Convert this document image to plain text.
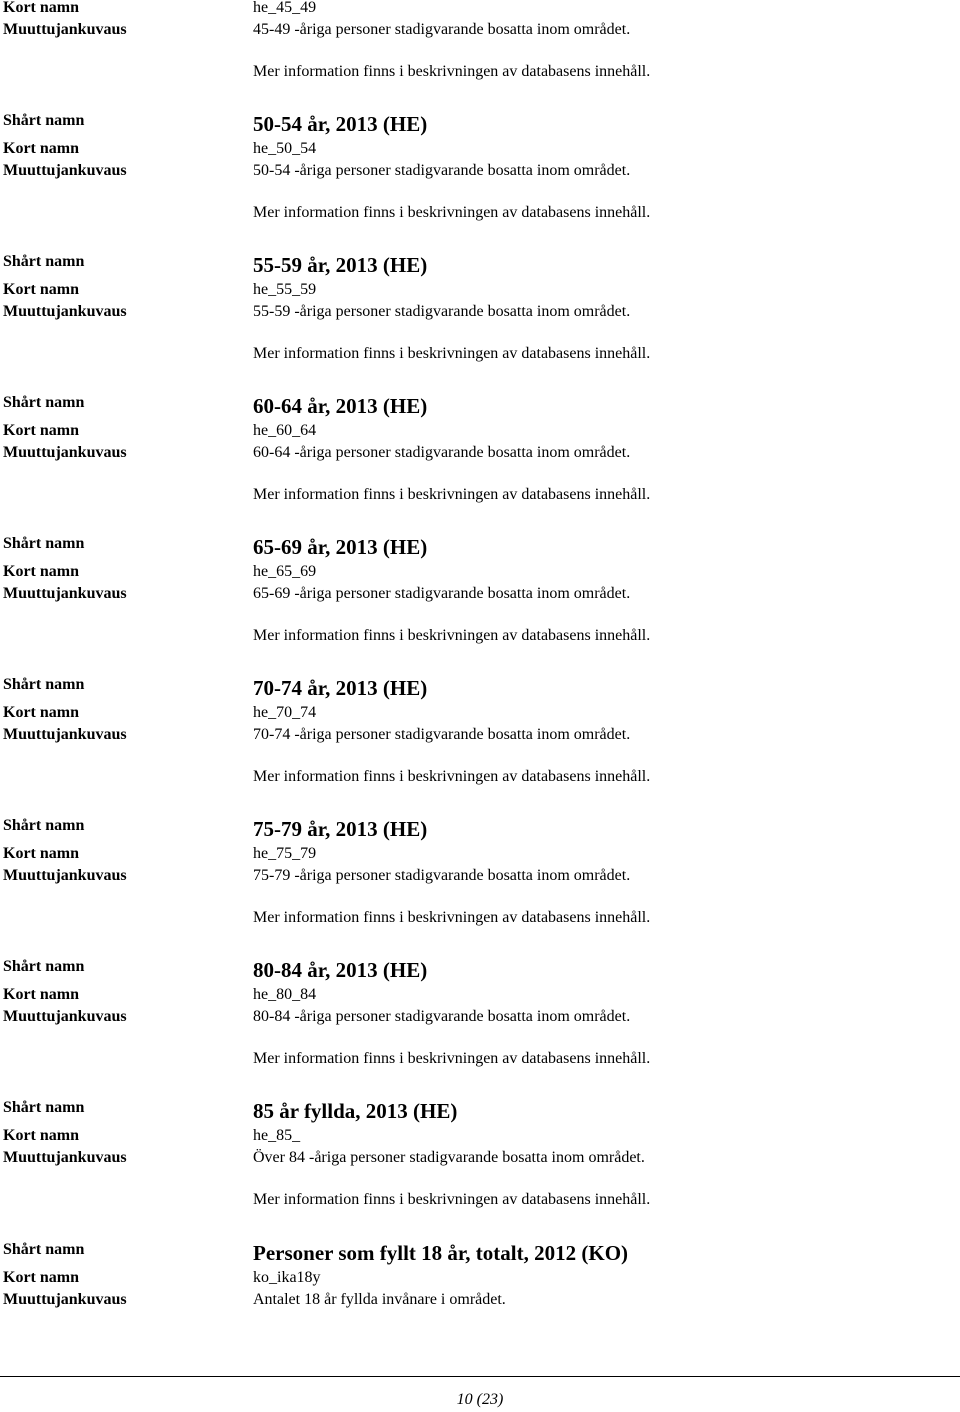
Kort namn	he_45_49
Muuttujankuvaus	45-49 -åriga personer stadigvarande bosatta inom området.
Mer information finns i beskrivningen av databasens innehåll.
Shårt namn	50-54 år, 2013 (HE)
Kort namn	he_50_54
Muuttujankuvaus	50-54 -åriga personer stadigvarande bosatta inom området.
Mer information finns i beskrivningen av databasens innehåll.
Shårt namn	55-59 år, 2013 (HE)
Kort namn	he_55_59
Muuttujankuvaus	55-59 -åriga personer stadigvarande bosatta inom området.
Mer information finns i beskrivningen av databasens innehåll.
Shårt namn	60-64 år, 2013 (HE)
Kort namn	he_60_64
Muuttujankuvaus	60-64 -åriga personer stadigvarande bosatta inom området.
Mer information finns i beskrivningen av databasens innehåll.
Shårt namn	65-69 år, 2013 (HE)
Kort namn	he_65_69
Muuttujankuvaus	65-69 -åriga personer stadigvarande bosatta inom området.
Mer information finns i beskrivningen av databasens innehåll.
Shårt namn	70-74 år, 2013 (HE)
Kort namn	he_70_74
Muuttujankuvaus	70-74 -åriga personer stadigvarande bosatta inom området.
Mer information finns i beskrivningen av databasens innehåll.
Shårt namn	75-79 år, 2013 (HE)
Kort namn	he_75_79
Muuttujankuvaus	75-79 -åriga personer stadigvarande bosatta inom området.
Mer information finns i beskrivningen av databasens innehåll.
Shårt namn	80-84 år, 2013 (HE)
Kort namn	he_80_84
Muuttujankuvaus	80-84 -åriga personer stadigvarande bosatta inom området.
Mer information finns i beskrivningen av databasens innehåll.
Shårt namn	85 år fyllda, 2013 (HE)
Kort namn	he_85_
Muuttujankuvaus	Över 84 -åriga personer stadigvarande bosatta inom området.
Mer information finns i beskrivningen av databasens innehåll.
Shårt namn	Personer som fyllt 18 år, totalt, 2012 (KO)
Kort namn	ko_ika18y
Muuttujankuvaus	Antalet 18 år fyllda invånare i området.
10 (23)
